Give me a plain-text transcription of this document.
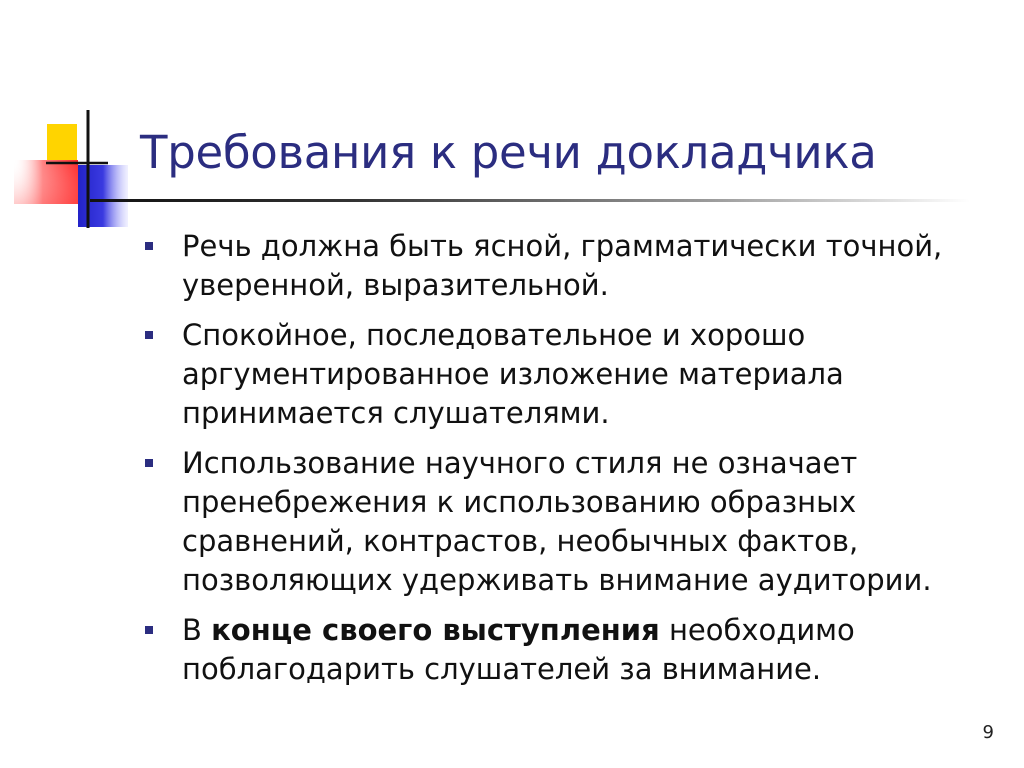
Требования к речи докладчика
Речь должна быть ясной, грамматически точной, уверенной, выразительной.
Спокойное, последовательное и хорошо аргументированное изложение материала принимается слушателями.
Использование научного стиля не означает пренебрежения к использованию образных сравнений, контрастов, необычных фактов, позволяющих удерживать внимание аудитории.
В конце своего выступления необходимо поблагодарить слушателей за внимание.
9
